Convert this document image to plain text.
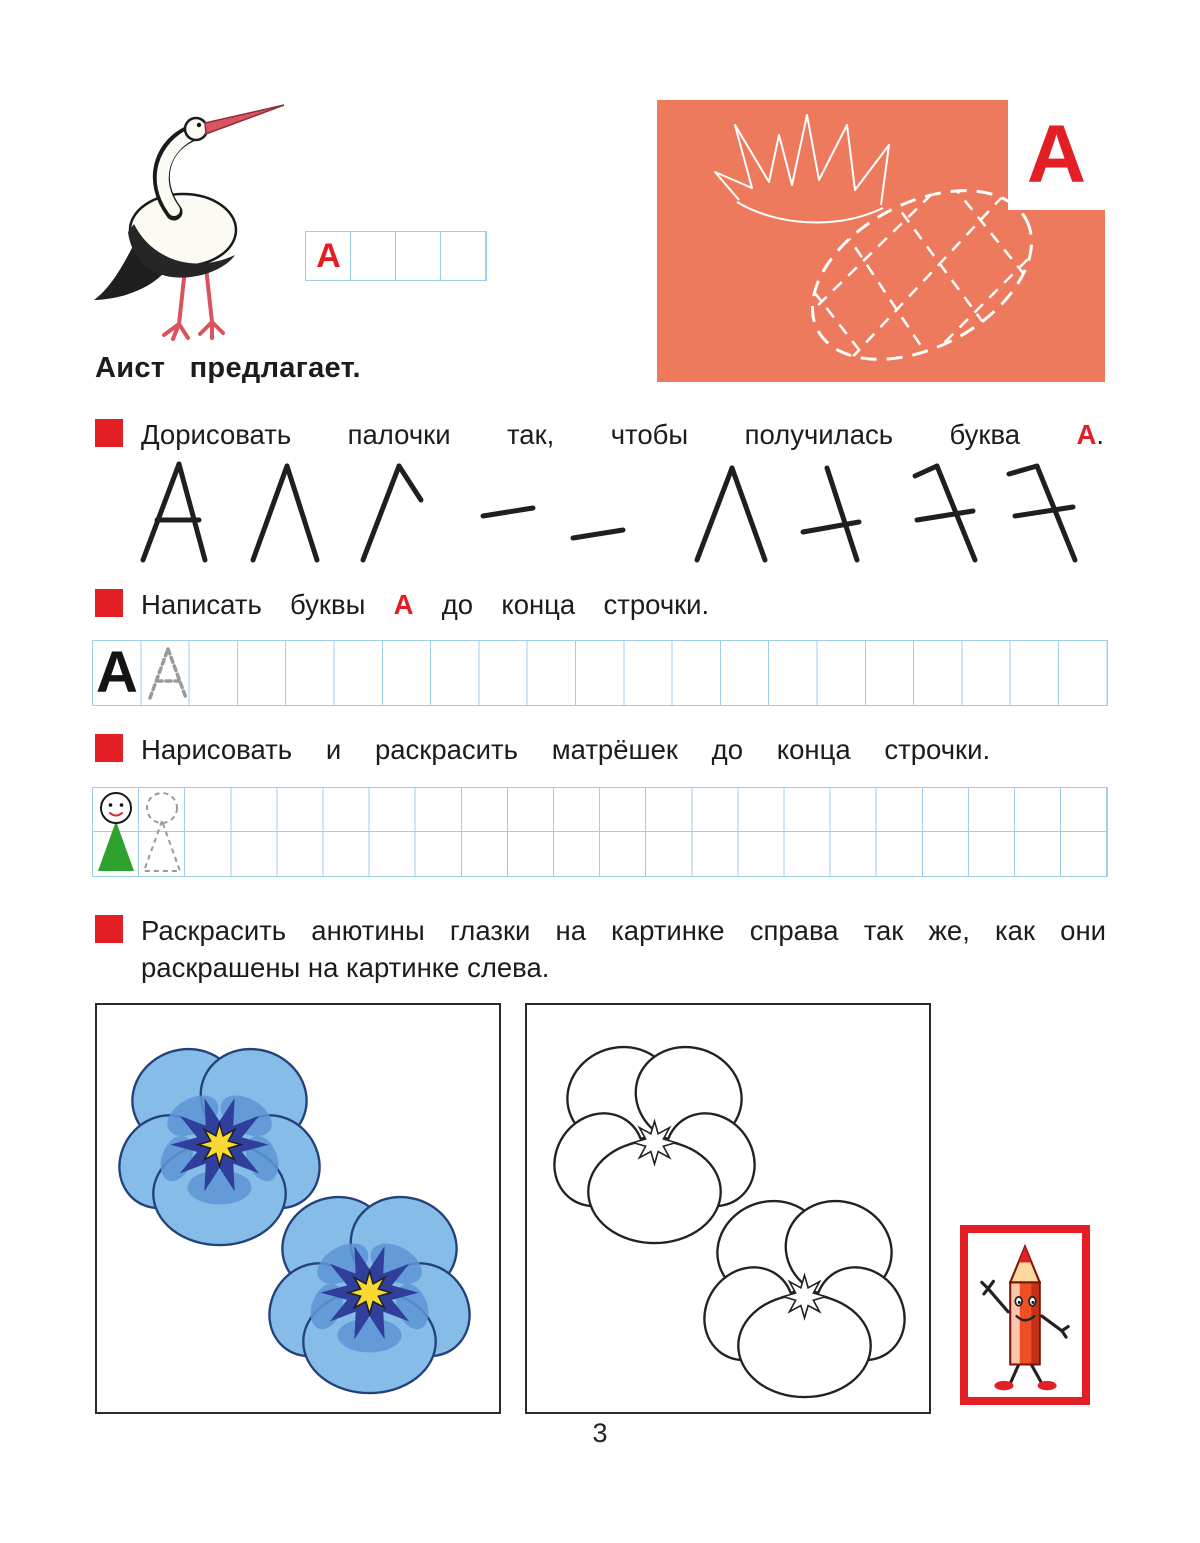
А
А
Аист предлагает.
Дорисовать палочки так, чтобы получилась буква А.
Написать буквы А до конца строчки.
А
Нарисовать и раскрасить матрёшек до конца строчки.
Раскрасить анютины глазки на картинке справа так же, как они раскрашены на картинке слева.
3
